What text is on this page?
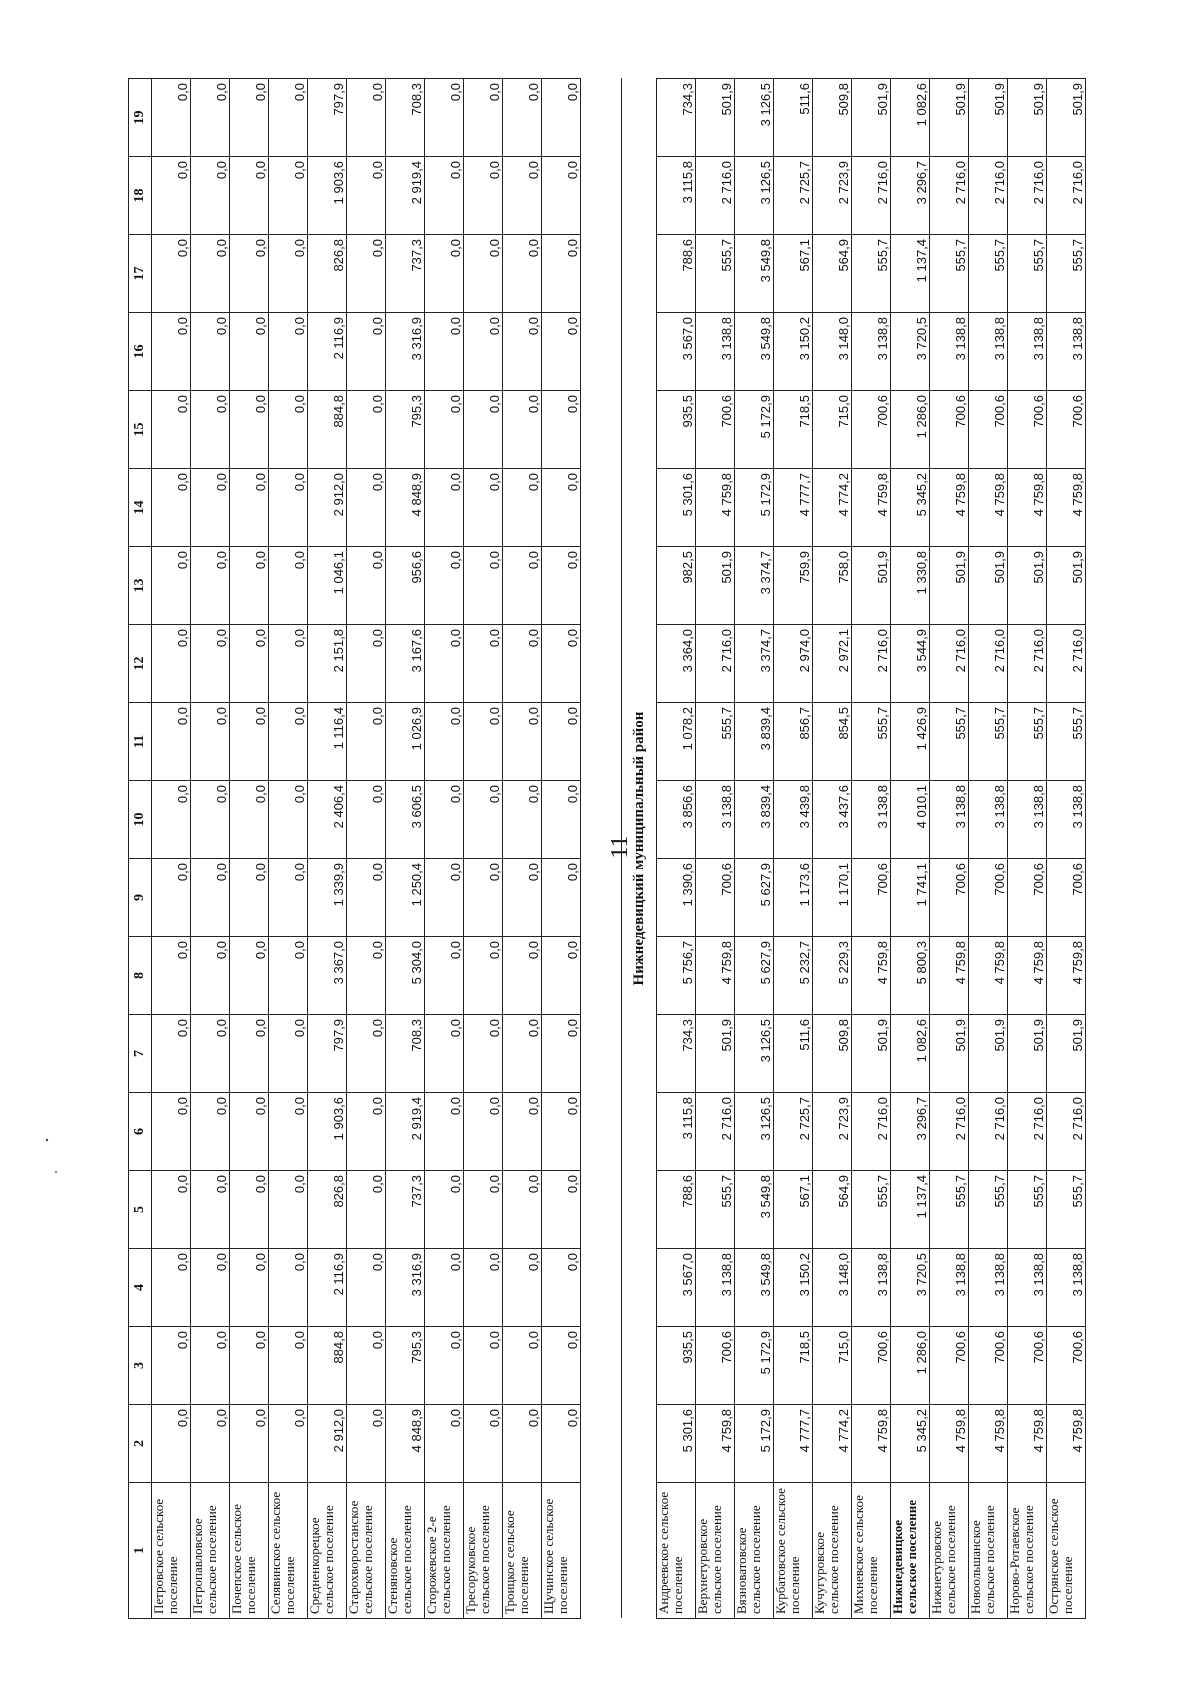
11
1	2	3	4	5	6	7	8	9	10	11	12	13	14	15	16	17	18	19
Петровское сельское поселение	0,0	0,0	0,0	0,0	0,0	0,0	0,0	0,0	0,0	0,0	0,0	0,0	0,0	0,0	0,0	0,0	0,0	0,0
Петропавловское сельское поселение	0,0	0,0	0,0	0,0	0,0	0,0	0,0	0,0	0,0	0,0	0,0	0,0	0,0	0,0	0,0	0,0	0,0	0,0
Почепское сельское поселение	0,0	0,0	0,0	0,0	0,0	0,0	0,0	0,0	0,0	0,0	0,0	0,0	0,0	0,0	0,0	0,0	0,0	0,0
Селявинское сельское поселение	0,0	0,0	0,0	0,0	0,0	0,0	0,0	0,0	0,0	0,0	0,0	0,0	0,0	0,0	0,0	0,0	0,0	0,0
Средненкорецкое сельское поселение	2 912,0	884,8	2 116,9	826,8	1 903,6	797,9	3 367,0	1 339,9	2 406,4	1 116,4	2 151,8	1 046,1	2 912,0	884,8	2 116,9	826,8	1 903,6	797,9
Старохворостанское сельское поселение	0,0	0,0	0,0	0,0	0,0	0,0	0,0	0,0	0,0	0,0	0,0	0,0	0,0	0,0	0,0	0,0	0,0	0,0
Стеняновское сельское поселение	4 848,9	795,3	3 316,9	737,3	2 919,4	708,3	5 304,0	1 250,4	3 606,5	1 026,9	3 167,6	956,6	4 848,9	795,3	3 316,9	737,3	2 919,4	708,3
Сторожевское 2-е сельское поселение	0,0	0,0	0,0	0,0	0,0	0,0	0,0	0,0	0,0	0,0	0,0	0,0	0,0	0,0	0,0	0,0	0,0	0,0
Тресоруковское сельское поселение	0,0	0,0	0,0	0,0	0,0	0,0	0,0	0,0	0,0	0,0	0,0	0,0	0,0	0,0	0,0	0,0	0,0	0,0
Троицкое сельское поселение	0,0	0,0	0,0	0,0	0,0	0,0	0,0	0,0	0,0	0,0	0,0	0,0	0,0	0,0	0,0	0,0	0,0	0,0
Щучинское сельское поселение	0,0	0,0	0,0	0,0	0,0	0,0	0,0	0,0	0,0	0,0	0,0	0,0	0,0	0,0	0,0	0,0	0,0	0,0

Нижнедевицкий муниципальный район																		
Андреевское сельское поселение	5 301,6	935,5	3 567,0	788,6	3 115,8	734,3	5 756,7	1 390,6	3 856,6	1 078,2	3 364,0	982,5	5 301,6	935,5	3 567,0	788,6	3 115,8	734,3
Верхнетуровское сельское поселение	4 759,8	700,6	3 138,8	555,7	2 716,0	501,9	4 759,8	700,6	3 138,8	555,7	2 716,0	501,9	4 759,8	700,6	3 138,8	555,7	2 716,0	501,9
Вязноватовское сельское поселение	5 172,9	5 172,9	3 549,8	3 549,8	3 126,5	3 126,5	5 627,9	5 627,9	3 839,4	3 839,4	3 374,7	3 374,7	5 172,9	5 172,9	3 549,8	3 549,8	3 126,5	3 126,5
Курбатовское сельское поселение	4 777,7	718,5	3 150,2	567,1	2 725,7	511,6	5 232,7	1 173,6	3 439,8	856,7	2 974,0	759,9	4 777,7	718,5	3 150,2	567,1	2 725,7	511,6
Кучугуровское сельское поселение	4 774,2	715,0	3 148,0	564,9	2 723,9	509,8	5 229,3	1 170,1	3 437,6	854,5	2 972,1	758,0	4 774,2	715,0	3 148,0	564,9	2 723,9	509,8
Михневское сельское поселение	4 759,8	700,6	3 138,8	555,7	2 716,0	501,9	4 759,8	700,6	3 138,8	555,7	2 716,0	501,9	4 759,8	700,6	3 138,8	555,7	2 716,0	501,9
Нижнедевицкое сельское поселение	5 345,2	1 286,0	3 720,5	1 137,4	3 296,7	1 082,6	5 800,3	1 741,1	4 010,1	1 426,9	3 544,9	1 330,8	5 345,2	1 286,0	3 720,5	1 137,4	3 296,7	1 082,6
Нижнетуровское сельское поселение	4 759,8	700,6	3 138,8	555,7	2 716,0	501,9	4 759,8	700,6	3 138,8	555,7	2 716,0	501,9	4 759,8	700,6	3 138,8	555,7	2 716,0	501,9
Новоольшанское сельское поселение	4 759,8	700,6	3 138,8	555,7	2 716,0	501,9	4 759,8	700,6	3 138,8	555,7	2 716,0	501,9	4 759,8	700,6	3 138,8	555,7	2 716,0	501,9
Норово-Ротаевское сельское поселение	4 759,8	700,6	3 138,8	555,7	2 716,0	501,9	4 759,8	700,6	3 138,8	555,7	2 716,0	501,9	4 759,8	700,6	3 138,8	555,7	2 716,0	501,9
Острянское сельское поселение	4 759,8	700,6	3 138,8	555,7	2 716,0	501,9	4 759,8	700,6	3 138,8	555,7	2 716,0	501,9	4 759,8	700,6	3 138,8	555,7	2 716,0	501,9
